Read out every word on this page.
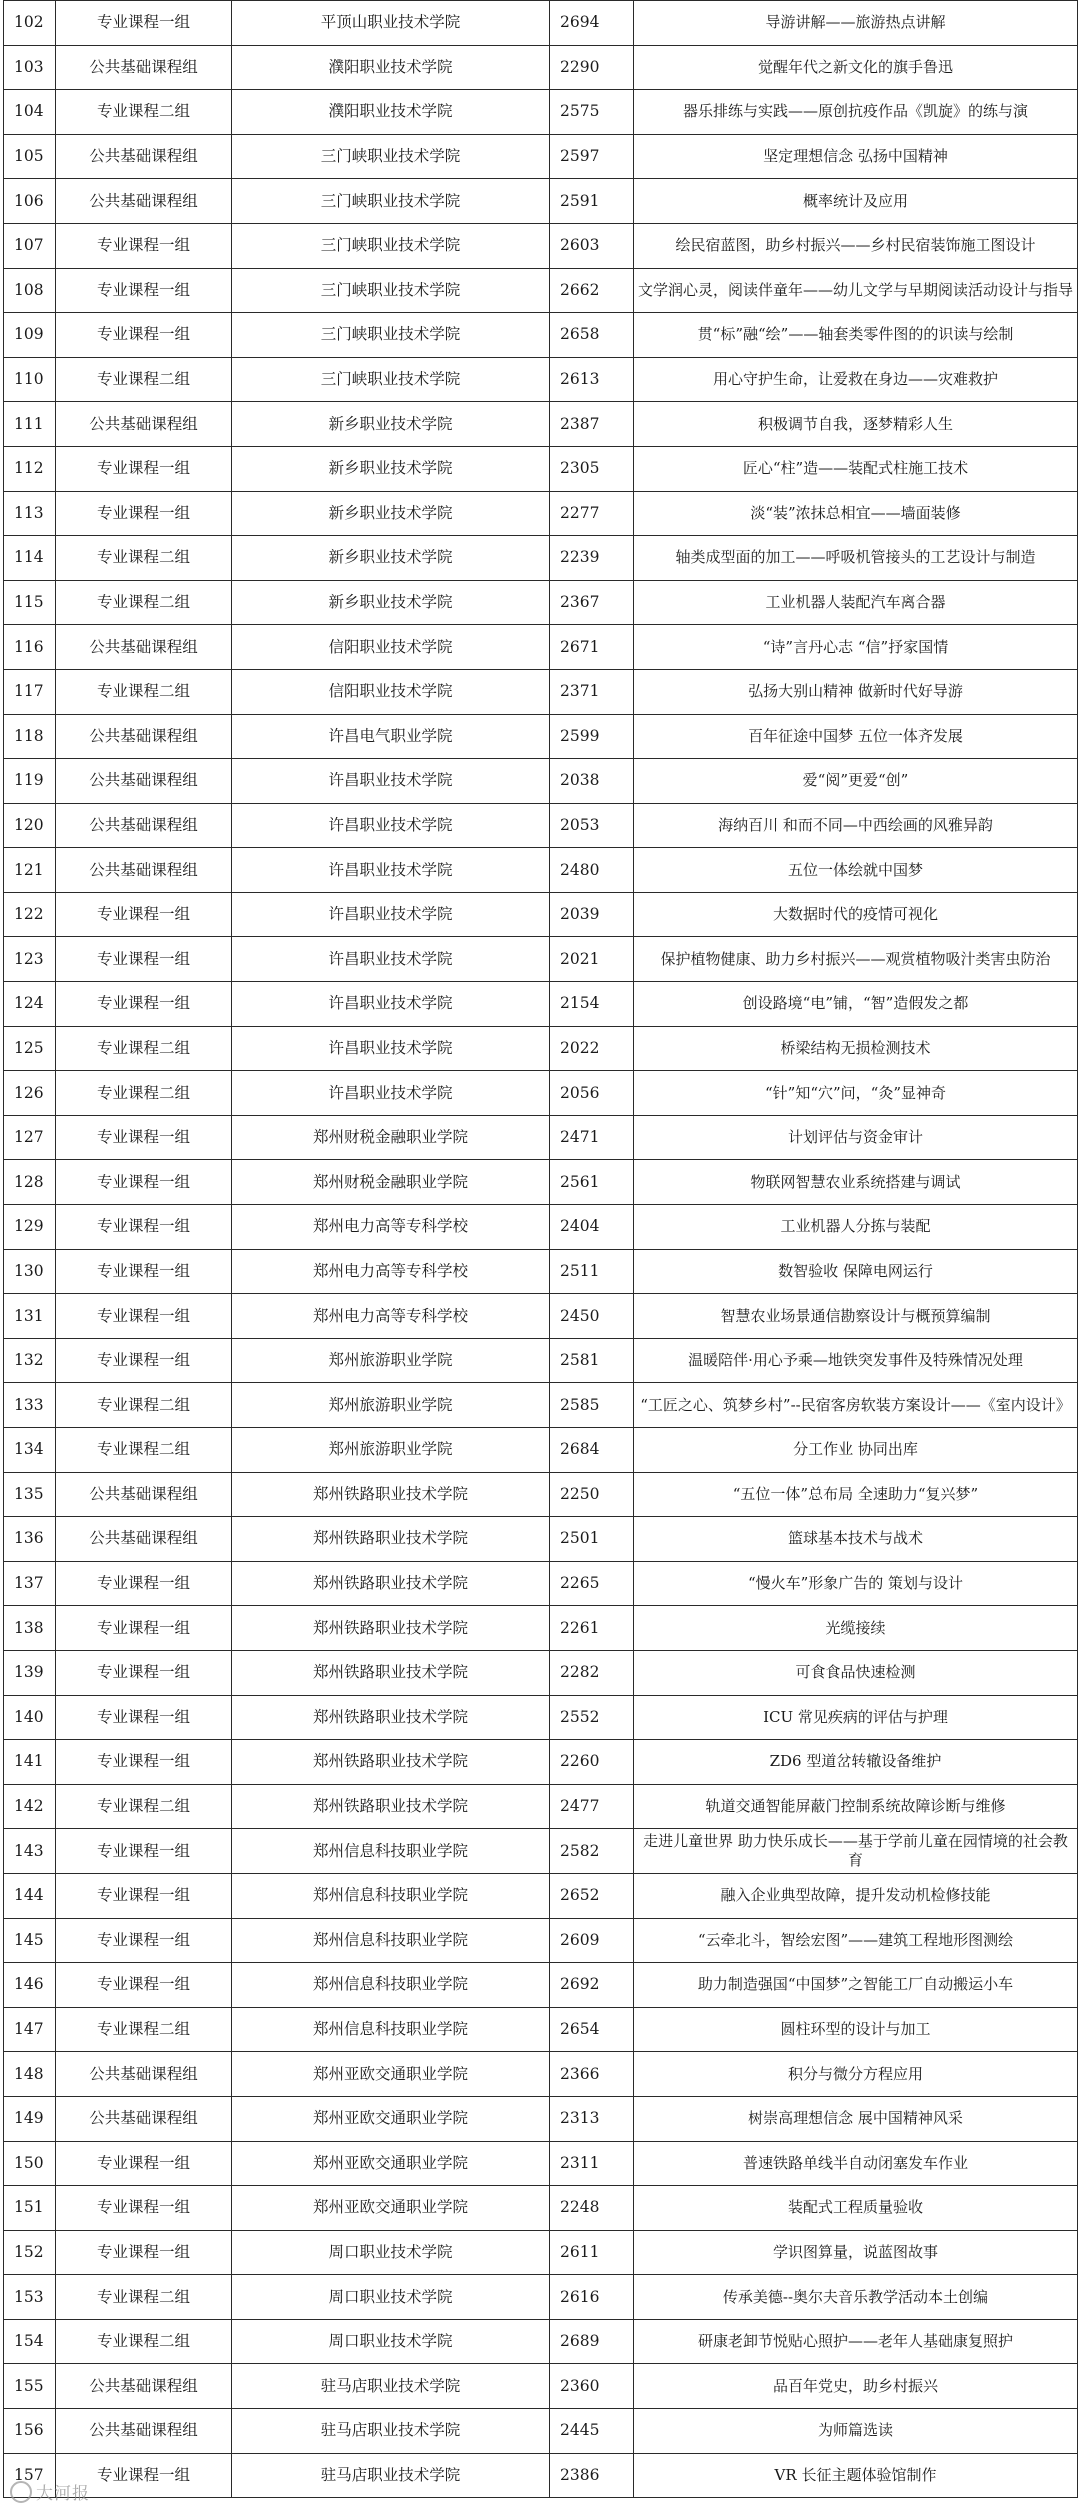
102	专业课程一组	平顶山职业技术学院	2694	导游讲解——旅游热点讲解
103	公共基础课程组	濮阳职业技术学院	2290	觉醒年代之新文化的旗手鲁迅
104	专业课程二组	濮阳职业技术学院	2575	器乐排练与实践——原创抗疫作品《凯旋》的练与演
105	公共基础课程组	三门峡职业技术学院	2597	坚定理想信念 弘扬中国精神
106	公共基础课程组	三门峡职业技术学院	2591	概率统计及应用
107	专业课程一组	三门峡职业技术学院	2603	绘民宿蓝图，助乡村振兴——乡村民宿装饰施工图设计
108	专业课程一组	三门峡职业技术学院	2662	文学润心灵，阅读伴童年——幼儿文学与早期阅读活动设计与指导
109	专业课程一组	三门峡职业技术学院	2658	贯“标”融“绘”——轴套类零件图的的识读与绘制
110	专业课程二组	三门峡职业技术学院	2613	用心守护生命，让爱救在身边——灾难救护
111	公共基础课程组	新乡职业技术学院	2387	积极调节自我，逐梦精彩人生
112	专业课程一组	新乡职业技术学院	2305	匠心“柱”造——装配式柱施工技术
113	专业课程一组	新乡职业技术学院	2277	淡“装”浓抹总相宜——墙面装修
114	专业课程二组	新乡职业技术学院	2239	轴类成型面的加工——呼吸机管接头的工艺设计与制造
115	专业课程二组	新乡职业技术学院	2367	工业机器人装配汽车离合器
116	公共基础课程组	信阳职业技术学院	2671	“诗”言丹心志 “信”抒家国情
117	专业课程二组	信阳职业技术学院	2371	弘扬大别山精神 做新时代好导游
118	公共基础课程组	许昌电气职业学院	2599	百年征途中国梦 五位一体齐发展
119	公共基础课程组	许昌职业技术学院	2038	爱“阅”更爱“创”
120	公共基础课程组	许昌职业技术学院	2053	海纳百川 和而不同—中西绘画的风雅异韵
121	公共基础课程组	许昌职业技术学院	2480	五位一体绘就中国梦
122	专业课程一组	许昌职业技术学院	2039	大数据时代的疫情可视化
123	专业课程一组	许昌职业技术学院	2021	保护植物健康、助力乡村振兴——观赏植物吸汁类害虫防治
124	专业课程一组	许昌职业技术学院	2154	创设路境“电”铺，“智”造假发之都
125	专业课程二组	许昌职业技术学院	2022	桥梁结构无损检测技术
126	专业课程二组	许昌职业技术学院	2056	“针”知“穴”问，“灸”显神奇
127	专业课程一组	郑州财税金融职业学院	2471	计划评估与资金审计
128	专业课程一组	郑州财税金融职业学院	2561	物联网智慧农业系统搭建与调试
129	专业课程一组	郑州电力高等专科学校	2404	工业机器人分拣与装配
130	专业课程一组	郑州电力高等专科学校	2511	数智验收 保障电网运行
131	专业课程一组	郑州电力高等专科学校	2450	智慧农业场景通信勘察设计与概预算编制
132	专业课程一组	郑州旅游职业学院	2581	温暖陪伴·用心予乘—地铁突发事件及特殊情况处理
133	专业课程二组	郑州旅游职业学院	2585	“工匠之心、筑梦乡村”--民宿客房软装方案设计——《室内设计》
134	专业课程二组	郑州旅游职业学院	2684	分工作业 协同出库
135	公共基础课程组	郑州铁路职业技术学院	2250	“五位一体”总布局 全速助力“复兴梦”
136	公共基础课程组	郑州铁路职业技术学院	2501	篮球基本技术与战术
137	专业课程一组	郑州铁路职业技术学院	2265	“慢火车”形象广告的 策划与设计
138	专业课程一组	郑州铁路职业技术学院	2261	光缆接续
139	专业课程一组	郑州铁路职业技术学院	2282	可食食品快速检测
140	专业课程一组	郑州铁路职业技术学院	2552	ICU 常见疾病的评估与护理
141	专业课程一组	郑州铁路职业技术学院	2260	ZD6 型道岔转辙设备维护
142	专业课程二组	郑州铁路职业技术学院	2477	轨道交通智能屏蔽门控制系统故障诊断与维修
143	专业课程一组	郑州信息科技职业学院	2582	走进儿童世界 助力快乐成长——基于学前儿童在园情境的社会教育
144	专业课程一组	郑州信息科技职业学院	2652	融入企业典型故障，提升发动机检修技能
145	专业课程一组	郑州信息科技职业学院	2609	“云牵北斗，智绘宏图”——建筑工程地形图测绘
146	专业课程一组	郑州信息科技职业学院	2692	助力制造强国“中国梦”之智能工厂自动搬运小车
147	专业课程二组	郑州信息科技职业学院	2654	圆柱环型的设计与加工
148	公共基础课程组	郑州亚欧交通职业学院	2366	积分与微分方程应用
149	公共基础课程组	郑州亚欧交通职业学院	2313	树崇高理想信念 展中国精神风采
150	专业课程一组	郑州亚欧交通职业学院	2311	普速铁路单线半自动闭塞发车作业
151	专业课程一组	郑州亚欧交通职业学院	2248	装配式工程质量验收
152	专业课程一组	周口职业技术学院	2611	学识图算量，说蓝图故事
153	专业课程二组	周口职业技术学院	2616	传承美德--奥尔夫音乐教学活动本土创编
154	专业课程二组	周口职业技术学院	2689	研康老卸节悦贴心照护——老年人基础康复照护
155	公共基础课程组	驻马店职业技术学院	2360	品百年党史，助乡村振兴
156	公共基础课程组	驻马店职业技术学院	2445	为师篇选读
157	专业课程一组	驻马店职业技术学院	2386	VR 长征主题体验馆制作
大河报
